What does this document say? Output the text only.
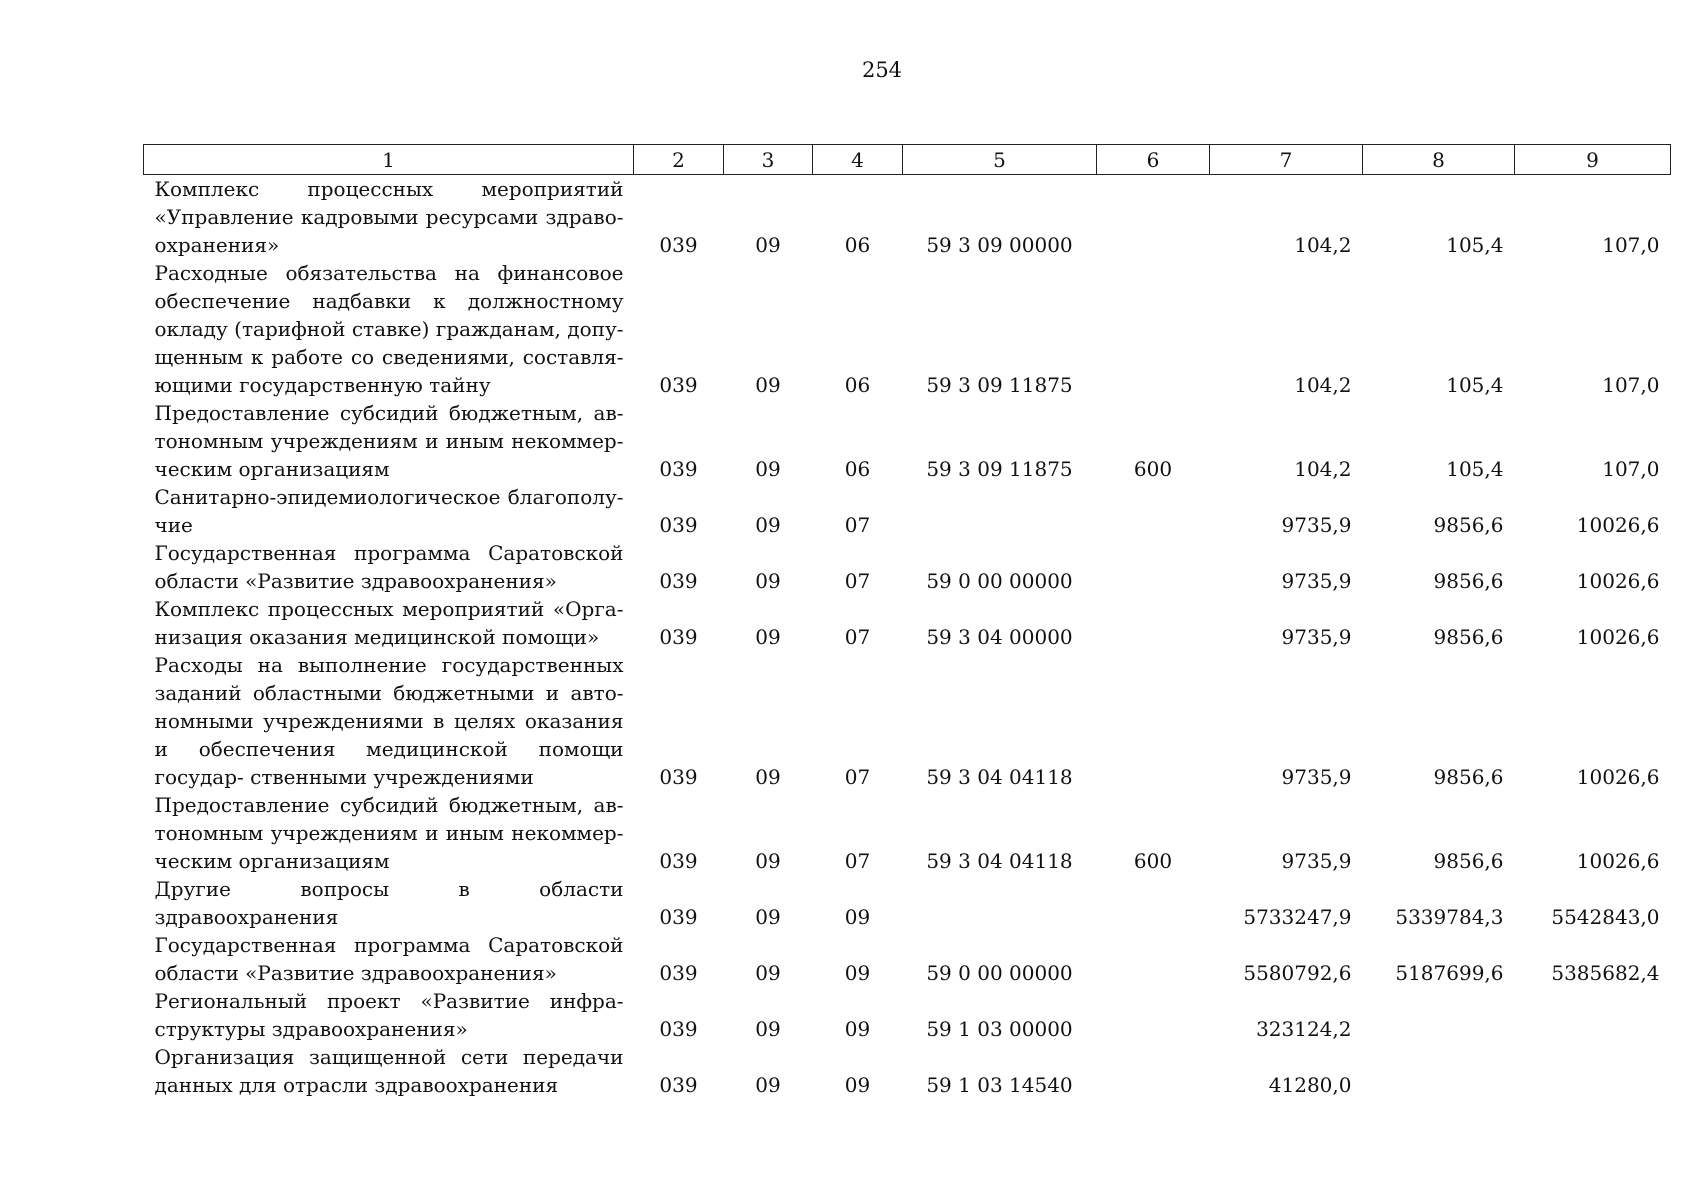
254
1	2	3	4	5	6	7	8	9
Комплекс процессных мероприятий «Управление кадровыми ресурсами здраво- охранения»	039	09	06	59 3 09 00000		104,2	105,4	107,0
Расходные обязательства на финансовое обеспечение надбавки к должностному окладу (тарифной ставке) гражданам, допу- щенным к работе со сведениями, составля- ющими государственную тайну	039	09	06	59 3 09 11875		104,2	105,4	107,0
Предоставление субсидий бюджетным, ав- тономным учреждениям и иным некоммер- ческим организациям	039	09	06	59 3 09 11875	600	104,2	105,4	107,0
Санитарно-эпидемиологическое благополу- чие	039	09	07			9735,9	9856,6	10026,6
Государственная программа Саратовской области «Развитие здравоохранения»	039	09	07	59 0 00 00000		9735,9	9856,6	10026,6
Комплекс процессных мероприятий «Орга- низация оказания медицинской помощи»	039	09	07	59 3 04 00000		9735,9	9856,6	10026,6
Расходы на выполнение государственных заданий областными бюджетными и авто- номными учреждениями в целях оказания и обеспечения медицинской помощи государ- ственными учреждениями	039	09	07	59 3 04 04118		9735,9	9856,6	10026,6
Предоставление субсидий бюджетным, ав- тономным учреждениям и иным некоммер- ческим организациям	039	09	07	59 3 04 04118	600	9735,9	9856,6	10026,6
Другие вопросы в области здравоохранения	039	09	09			5733247,9	5339784,3	5542843,0
Государственная программа Саратовской области «Развитие здравоохранения»	039	09	09	59 0 00 00000		5580792,6	5187699,6	5385682,4
Региональный проект «Развитие инфра- структуры здравоохранения»	039	09	09	59 1 03 00000		323124,2		
Организация защищенной сети передачи данных для отрасли здравоохранения	039	09	09	59 1 03 14540		41280,0		
